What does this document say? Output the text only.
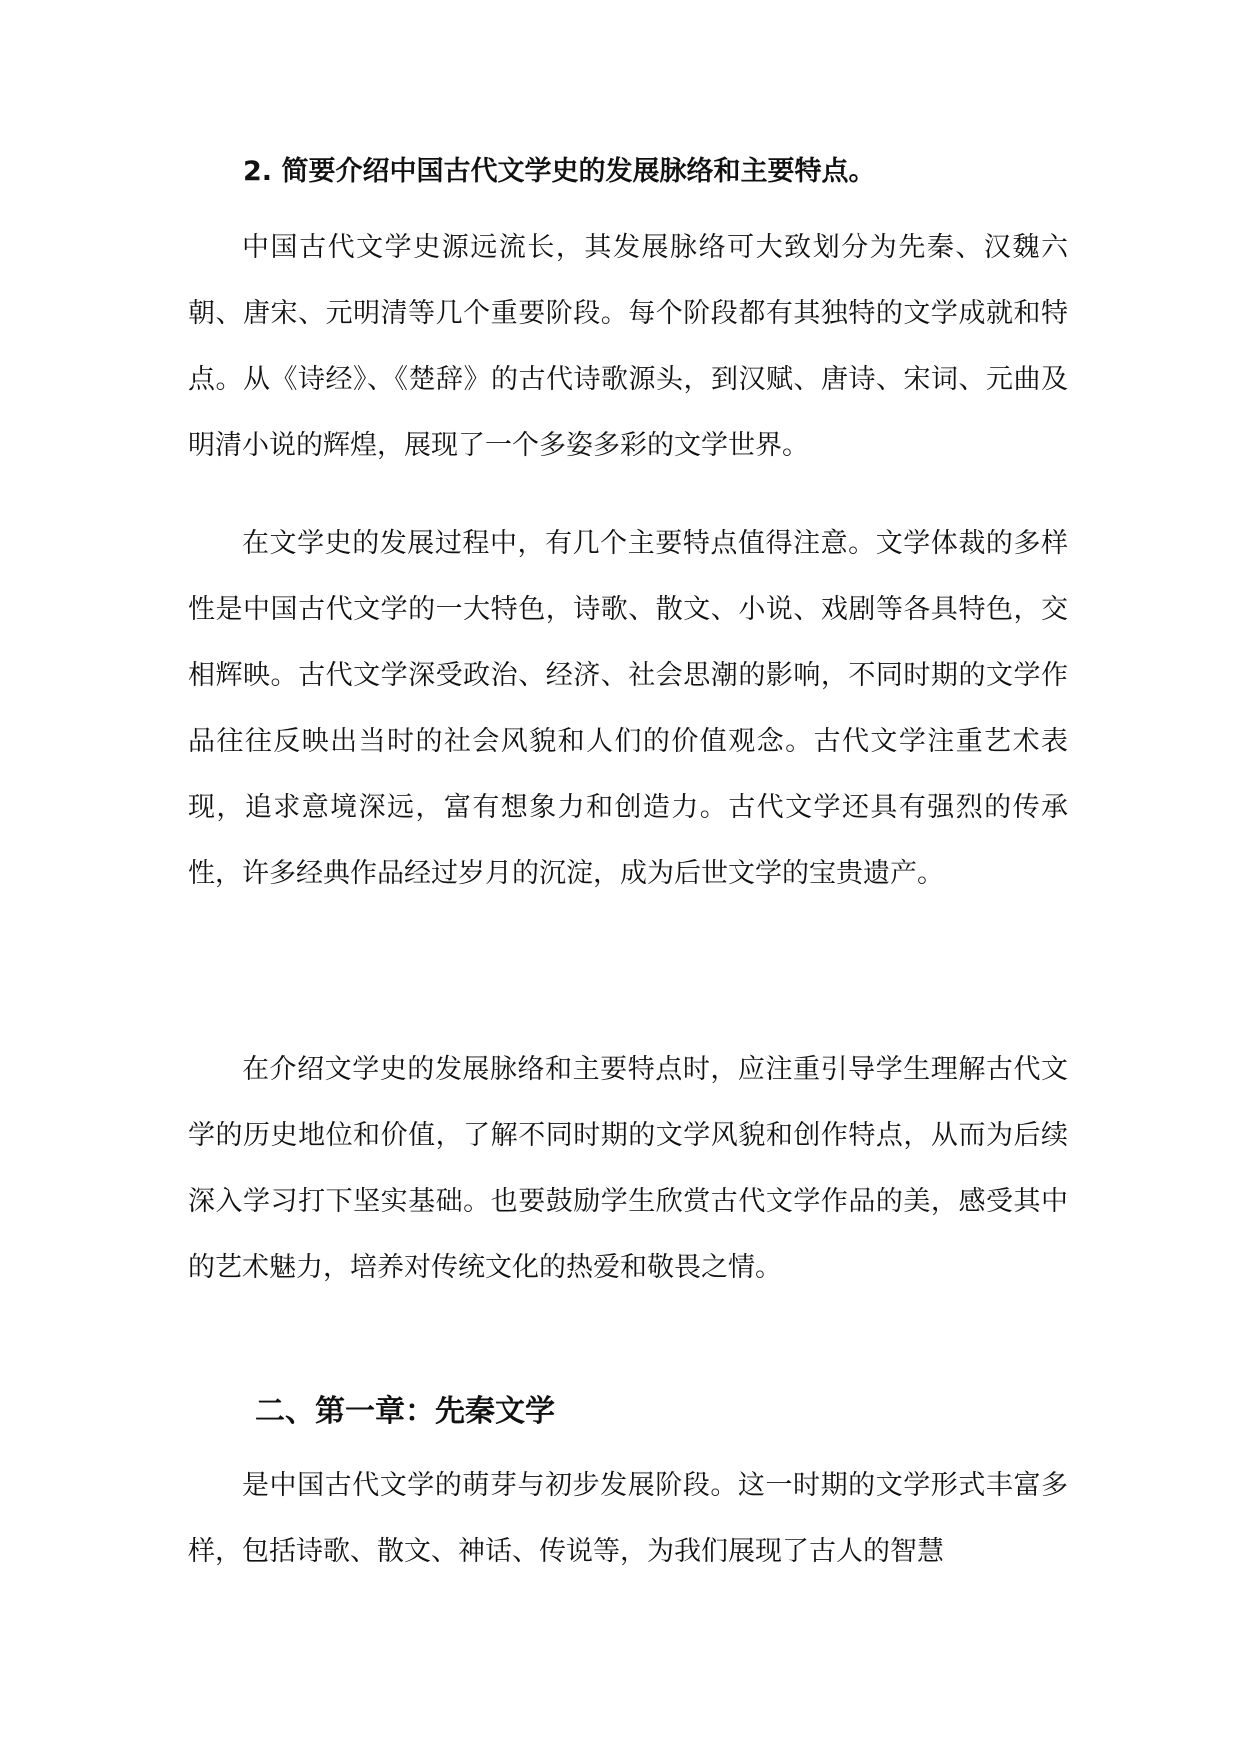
2. 简要介绍中国古代文学史的发展脉络和主要特点。

中国古代文学史源远流长，其发展脉络可大致划分为先秦、汉魏六朝、唐宋、元明清等几个重要阶段。每个阶段都有其独特的文学成就和特点。从《诗经》、《楚辞》的古代诗歌源头，到汉赋、唐诗、宋词、元曲及明清小说的辉煌，展现了一个多姿多彩的文学世界。

在文学史的发展过程中，有几个主要特点值得注意。文学体裁的多样性是中国古代文学的一大特色，诗歌、散文、小说、戏剧等各具特色，交相辉映。古代文学深受政治、经济、社会思潮的影响，不同时期的文学作品往往反映出当时的社会风貌和人们的价值观念。古代文学注重艺术表现，追求意境深远，富有想象力和创造力。古代文学还具有强烈的传承性，许多经典作品经过岁月的沉淀，成为后世文学的宝贵遗产。

在介绍文学史的发展脉络和主要特点时，应注重引导学生理解古代文学的历史地位和价值，了解不同时期的文学风貌和创作特点，从而为后续深入学习打下坚实基础。也要鼓励学生欣赏古代文学作品的美，感受其中的艺术魅力，培养对传统文化的热爱和敬畏之情。

二、第一章：先秦文学

是中国古代文学的萌芽与初步发展阶段。这一时期的文学形式丰富多样，包括诗歌、散文、神话、传说等，为我们展现了古人的智慧
